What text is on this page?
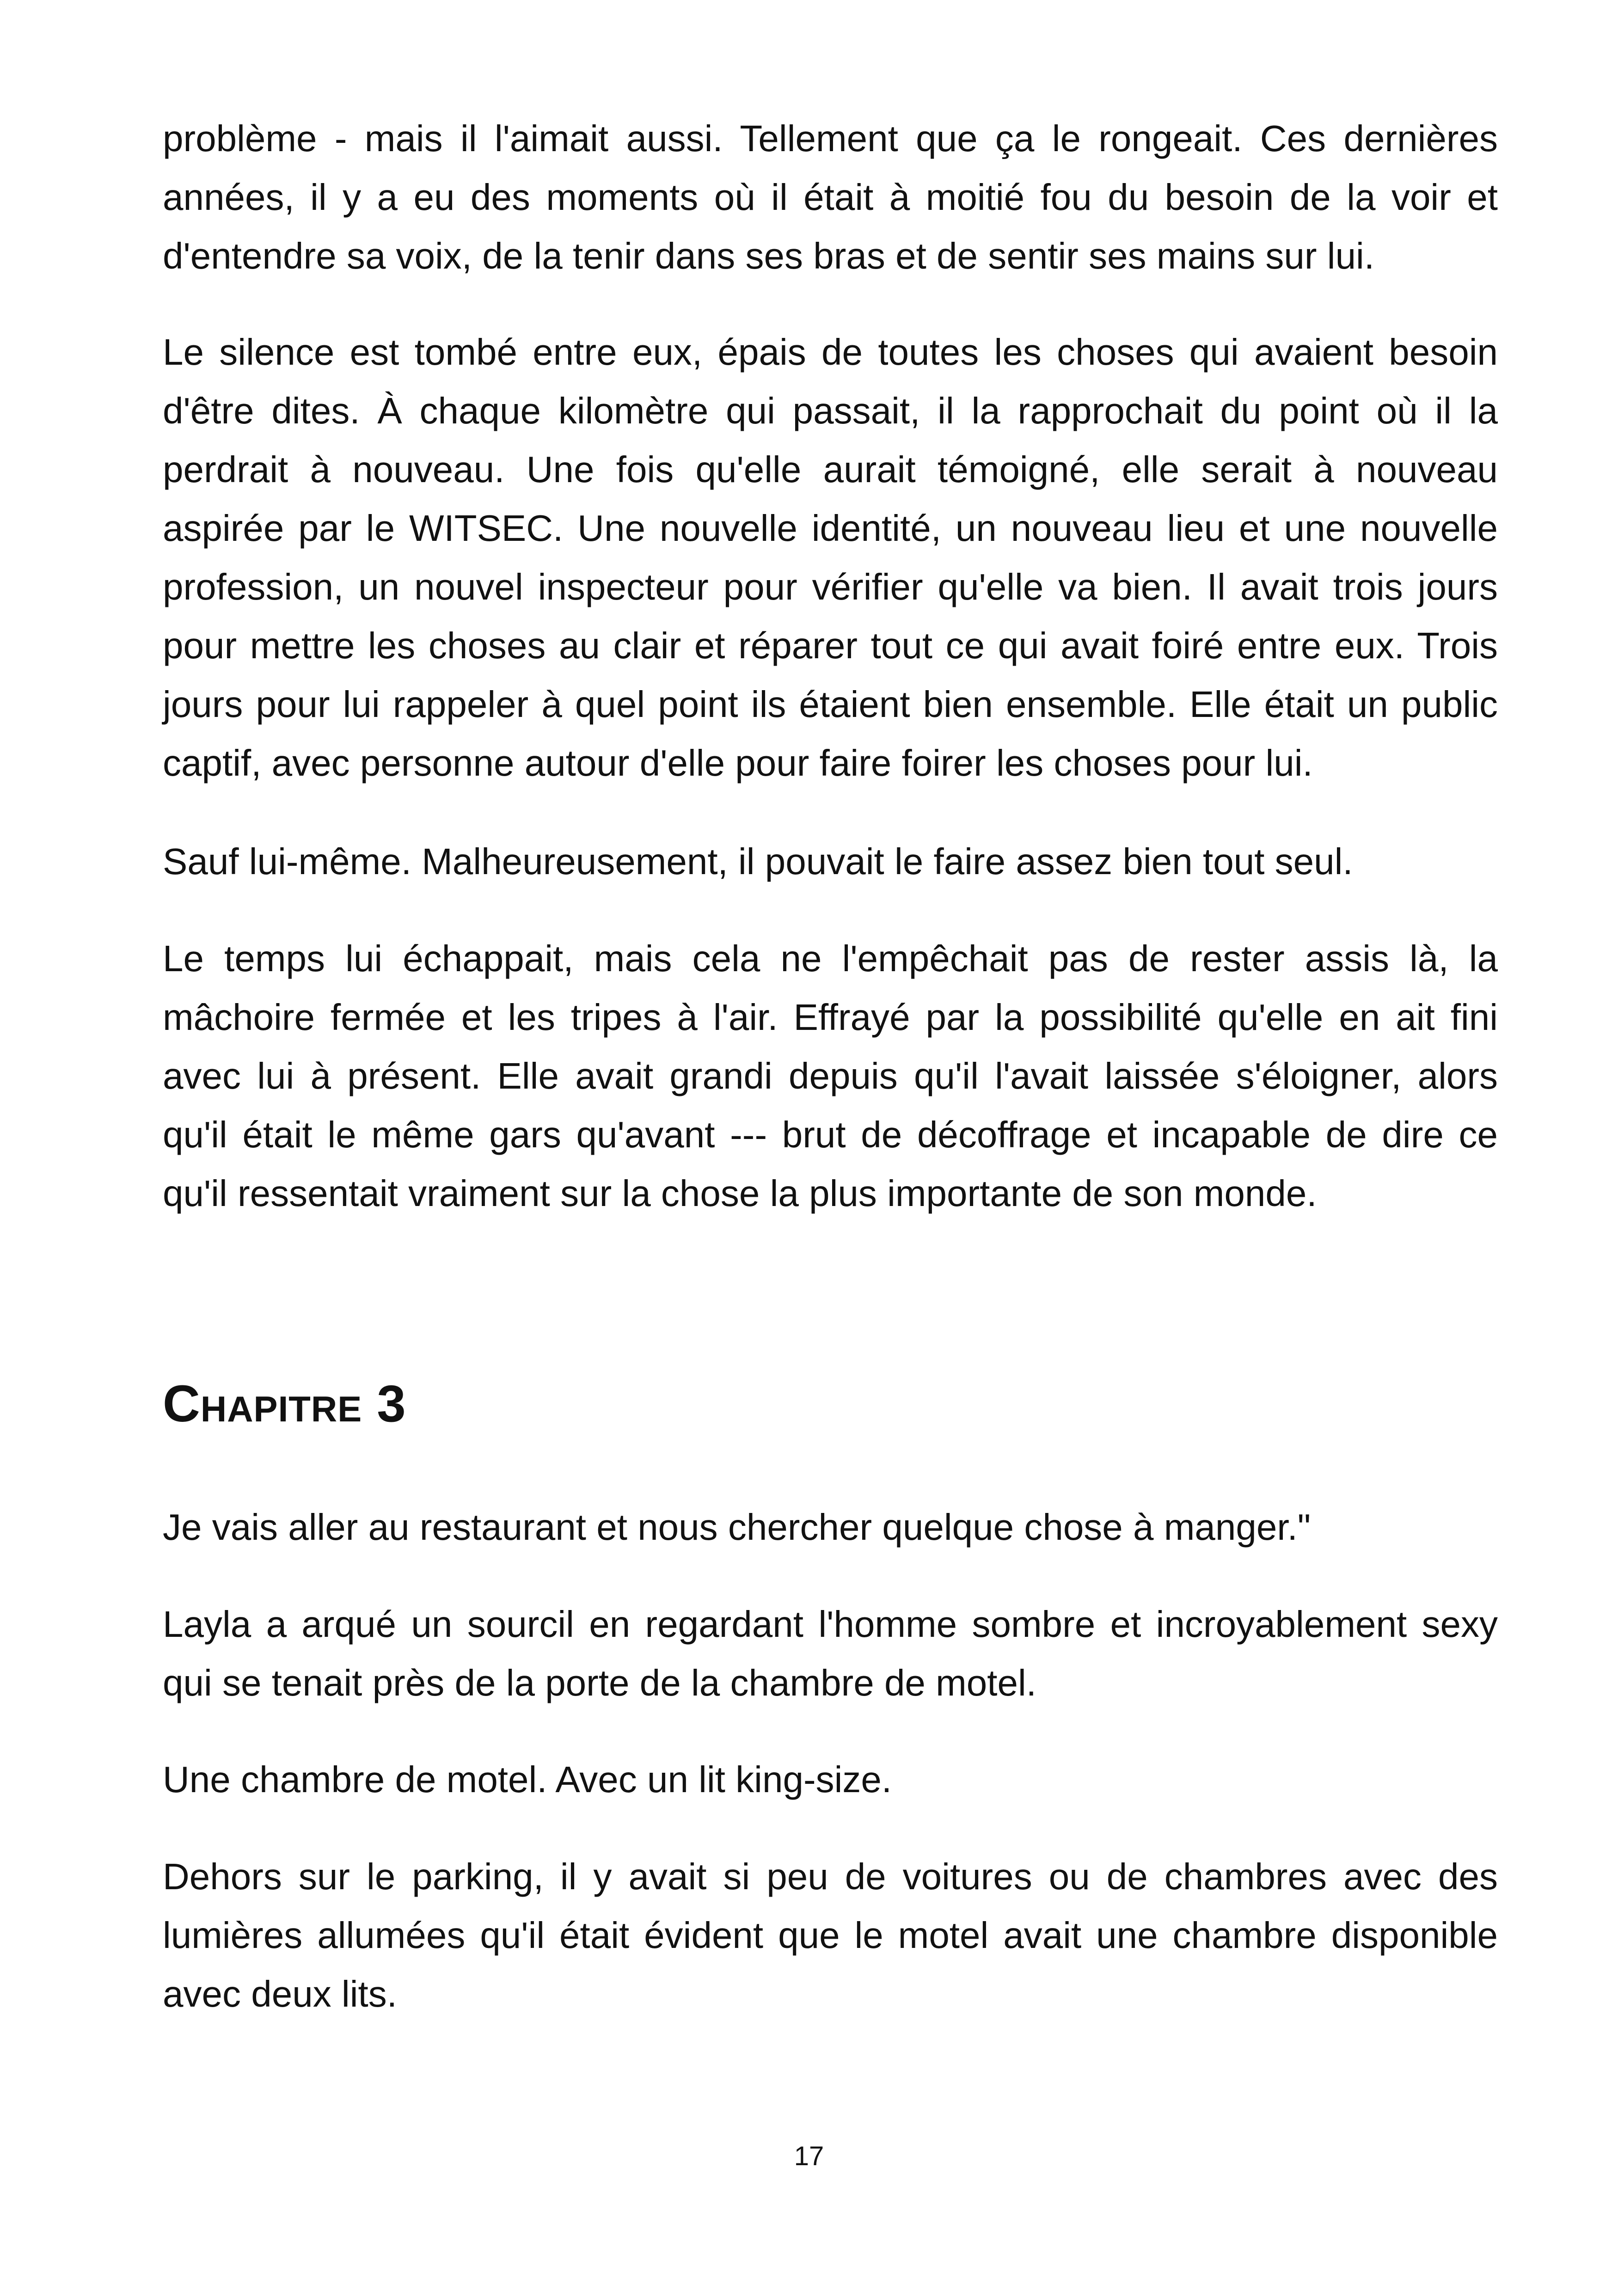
problème - mais il l'aimait aussi. Tellement que ça le rongeait. Ces dernières années, il y a eu des moments où il était à moitié fou du besoin de la voir et d'entendre sa voix, de la tenir dans ses bras et de sentir ses mains sur lui.

Le silence est tombé entre eux, épais de toutes les choses qui avaient besoin d'être dites. À chaque kilomètre qui passait, il la rapprochait du point où il la perdrait à nouveau. Une fois qu'elle aurait témoigné, elle serait à nouveau aspirée par le WITSEC. Une nouvelle identité, un nouveau lieu et une nouvelle profession, un nouvel inspecteur pour vérifier qu'elle va bien. Il avait trois jours pour mettre les choses au clair et réparer tout ce qui avait foiré entre eux. Trois jours pour lui rappeler à quel point ils étaient bien ensemble. Elle était un public captif, avec personne autour d'elle pour faire foirer les choses pour lui.

Sauf lui-même. Malheureusement, il pouvait le faire assez bien tout seul.

Le temps lui échappait, mais cela ne l'empêchait pas de rester assis là, la mâchoire fermée et les tripes à l'air. Effrayé par la possibilité qu'elle en ait fini avec lui à présent. Elle avait grandi depuis qu'il l'avait laissée s'éloigner, alors qu'il était le même gars qu'avant --- brut de décoffrage et incapable de dire ce qu'il ressentait vraiment sur la chose la plus importante de son monde.

Chapitre 3

Je vais aller au restaurant et nous chercher quelque chose à manger."

Layla a arqué un sourcil en regardant l'homme sombre et incroyablement sexy qui se tenait près de la porte de la chambre de motel.

Une chambre de motel. Avec un lit king-size.

Dehors sur le parking, il y avait si peu de voitures ou de chambres avec des lumières allumées qu'il était évident que le motel avait une chambre disponible avec deux lits.

17
